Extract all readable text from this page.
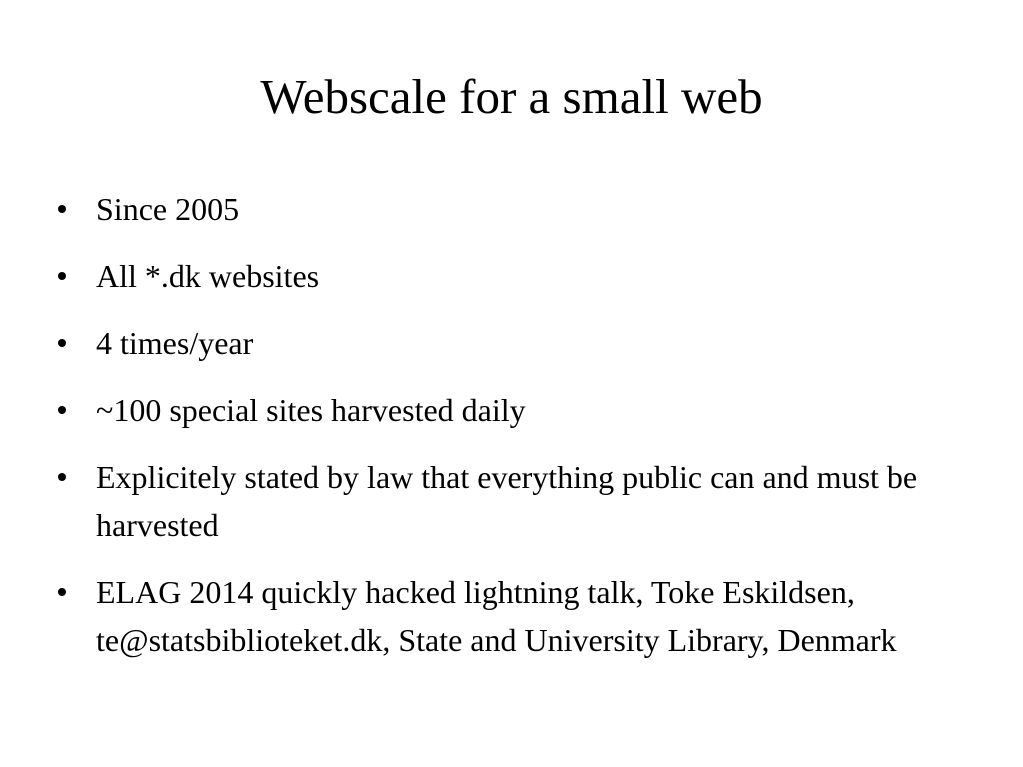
Webscale for a small web
Since 2005
All *.dk websites
4 times/year
~100 special sites harvested daily
Explicitely stated by law that everything public can and must be harvested
ELAG 2014 quickly hacked lightning talk, Toke Eskildsen, te@statsbiblioteket.dk, State and University Library, Denmark
